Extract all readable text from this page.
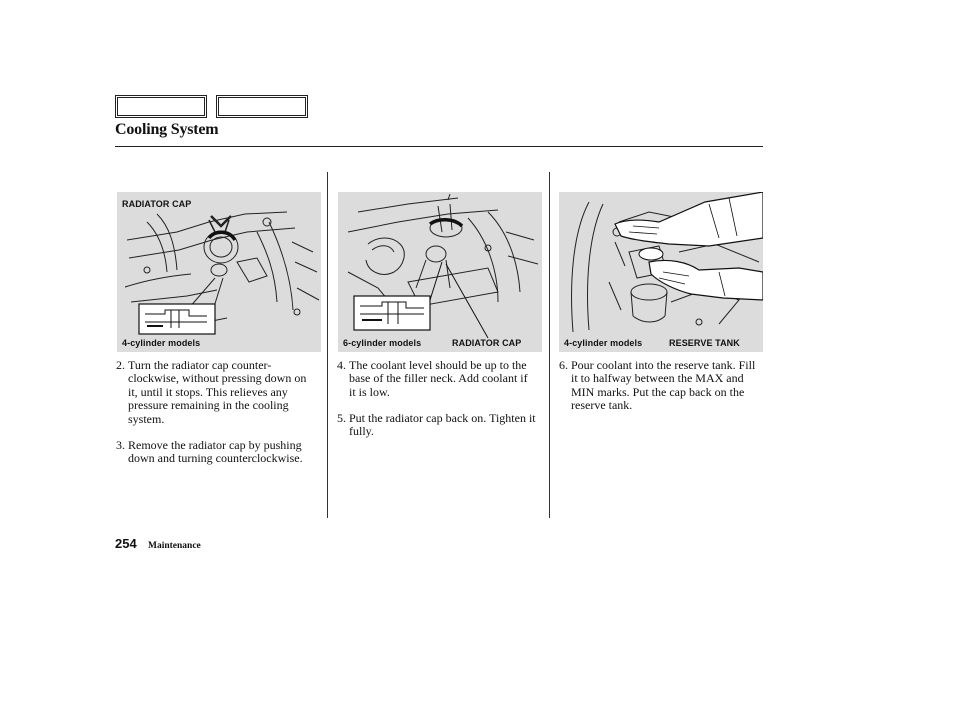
Cooling System
RADIATOR CAP
4-cylinder models	6-cylinder models	RADIATOR CAP	4-cylinder models	RESERVE TANK

2. Turn the radiator cap counter-clockwise, without pressing down on it, until it stops. This relieves any pressure remaining in the cooling system.

3. Remove the radiator cap by pushing down and turning counterclockwise.

4. The coolant level should be up to the base of the filler neck. Add coolant if it is low.

5. Put the radiator cap back on. Tighten it fully.

6. Pour coolant into the reserve tank. Fill it to halfway between the MAX and MIN marks. Put the cap back on the reserve tank.

254 Maintenance
